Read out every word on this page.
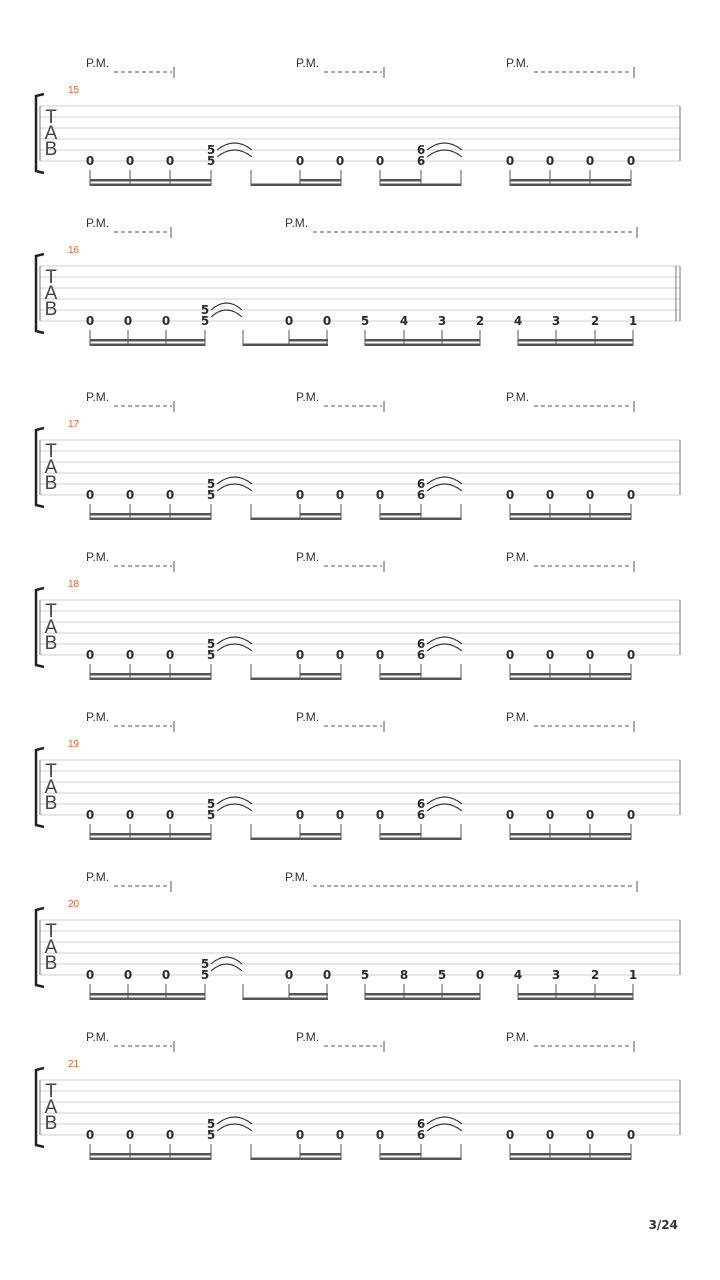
P.M.	P.M.	P.M.
15
T
A
B
0	0	0
5
5	0	0	0
6
6	0	0	0	0
P.M.	P.M.
16
T
A
B
0 0 0
5
5	0 0 5	4 3 2 4 3	2 1
P.M.	P.M.	P.M.
17
T
A
B
0	0	0
5
5	0	0	0
6
6	0	0	0	0
P.M.	P.M.	P.M.
18
T
A
B
0	0	0
5
5	0	0	0
6
6	0	0	0	0
P.M.	P.M.	P.M.
19
T
A
B
0	0	0
5
5	0	0	0
6
6	0	0	0	0
P.M.	P.M.
20
T
A
B
0 0 0
5
5	0 0 5	8 5 0 4 3	2 1
P.M.	P.M.	P.M.
21
T
A
B
0	0	0
5
5	0	0	0
6
6	0	0	0	0
3/24
